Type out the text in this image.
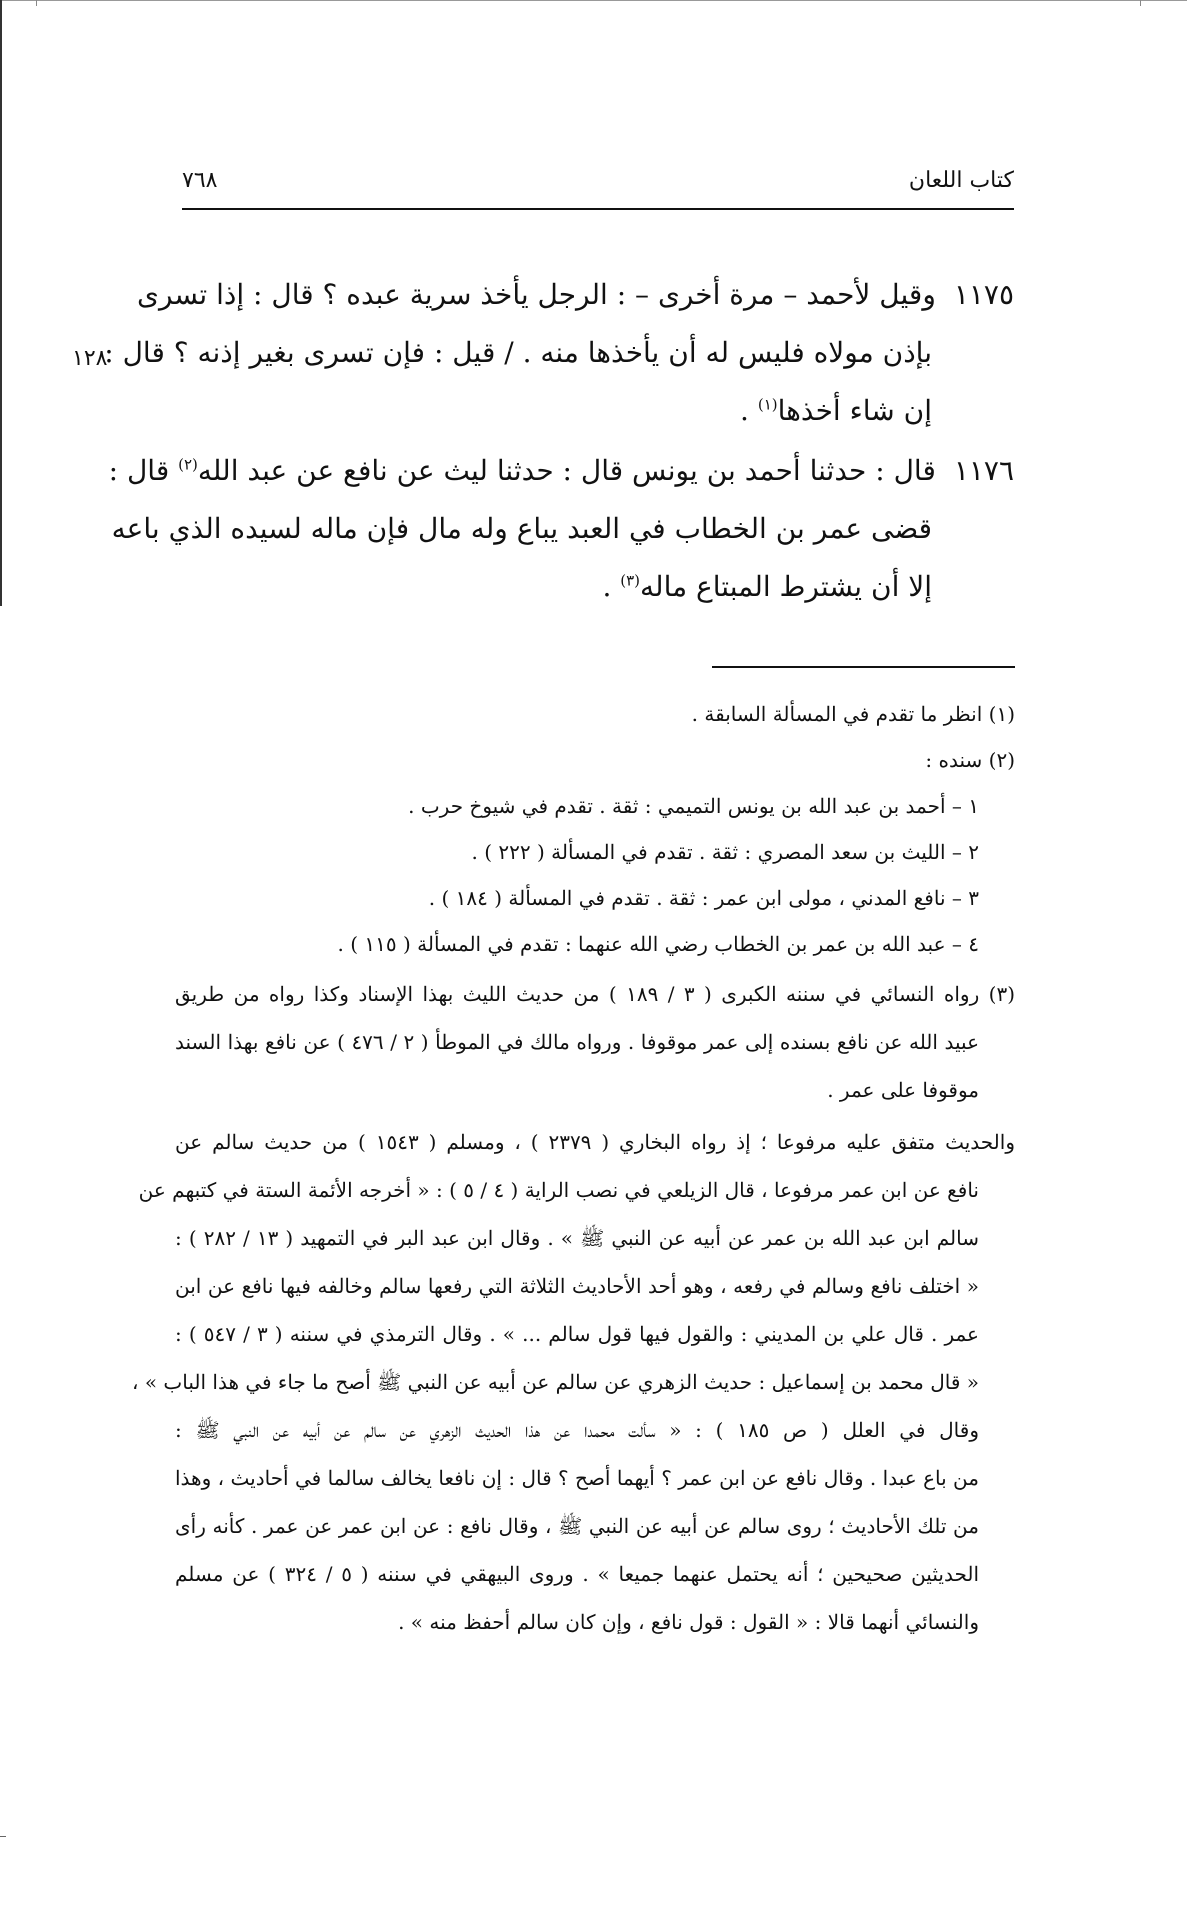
كتاب اللعان
٧٦٨
١٢٨
١١٧٥وقيل لأحمد – مرة أخرى – : الرجل يأخذ سرية عبده ؟ قال : إذا تسرى
بإذن مولاه فليس له أن يأخذها منه . / قيل : فإن تسرى بغير إذنه ؟ قال :
إن شاء أخذها$^{(١)}$ .
١١٧٦قال : حدثنا أحمد بن يونس قال : حدثنا ليث عن نافع عن عبد الله$^{(٢)}$ قال :
قضى عمر بن الخطاب في العبد يباع وله مال فإن ماله لسيده الذي باعه
إلا أن يشترط المبتاع ماله$^{(٣)}$ .
(١) انظر ما تقدم في المسألة السابقة .
(٢) سنده :
١ – أحمد بن عبد الله بن يونس التميمي : ثقة . تقدم في شيوخ حرب .
٢ – الليث بن سعد المصري : ثقة . تقدم في المسألة ( ٢٢٢ ) .
٣ – نافع المدني ، مولى ابن عمر : ثقة . تقدم في المسألة ( ١٨٤ ) .
٤ – عبد الله بن عمر بن الخطاب رضي الله عنهما : تقدم في المسألة ( ١١٥ ) .
(٣) رواه النسائي في سننه الكبرى ( ٣ / ١٨٩ ) من حديث الليث بهذا الإسناد وكذا رواه من طريق
عبيد الله عن نافع بسنده إلى عمر موقوفا . ورواه مالك في الموطأ ( ٢ / ٤٧٦ ) عن نافع بهذا السند
موقوفا على عمر .
والحديث متفق عليه مرفوعا ؛ إذ رواه البخاري ( ٢٣٧٩ ) ، ومسلم ( ١٥٤٣ ) من حديث سالم عن
نافع عن ابن عمر مرفوعا ، قال الزيلعي في نصب الراية ( ٤ / ٥ ) : « أخرجه الأئمة الستة في كتبهم عن
سالم ابن عبد الله بن عمر عن أبيه عن النبي ﷺ » . وقال ابن عبد البر في التمهيد ( ١٣ / ٢٨٢ ) :
« اختلف نافع وسالم في رفعه ، وهو أحد الأحاديث الثلاثة التي رفعها سالم وخالفه فيها نافع عن ابن
عمر . قال علي بن المديني : والقول فيها قول سالم ... » . وقال الترمذي في سننه ( ٣ / ٥٤٧ ) :
« قال محمد بن إسماعيل : حديث الزهري عن سالم عن أبيه عن النبي ﷺ أصح ما جاء في هذا الباب » ،
وقال في العلل ( ص ١٨٥ ) : « سألت محمدا عن هذا الحديث الزهري عن سالم عن أبيه عن النبي ﷺ :
من باع عبدا . وقال نافع عن ابن عمر ؟ أيهما أصح ؟ قال : إن نافعا يخالف سالما في أحاديث ، وهذا
من تلك الأحاديث ؛ روى سالم عن أبيه عن النبي ﷺ ، وقال نافع : عن ابن عمر عن عمر . كأنه رأى
الحديثين صحيحين ؛ أنه يحتمل عنهما جميعا » . وروى البيهقي في سننه ( ٥ / ٣٢٤ ) عن مسلم
والنسائي أنهما قالا : « القول : قول نافع ، وإن كان سالم أحفظ منه » .
